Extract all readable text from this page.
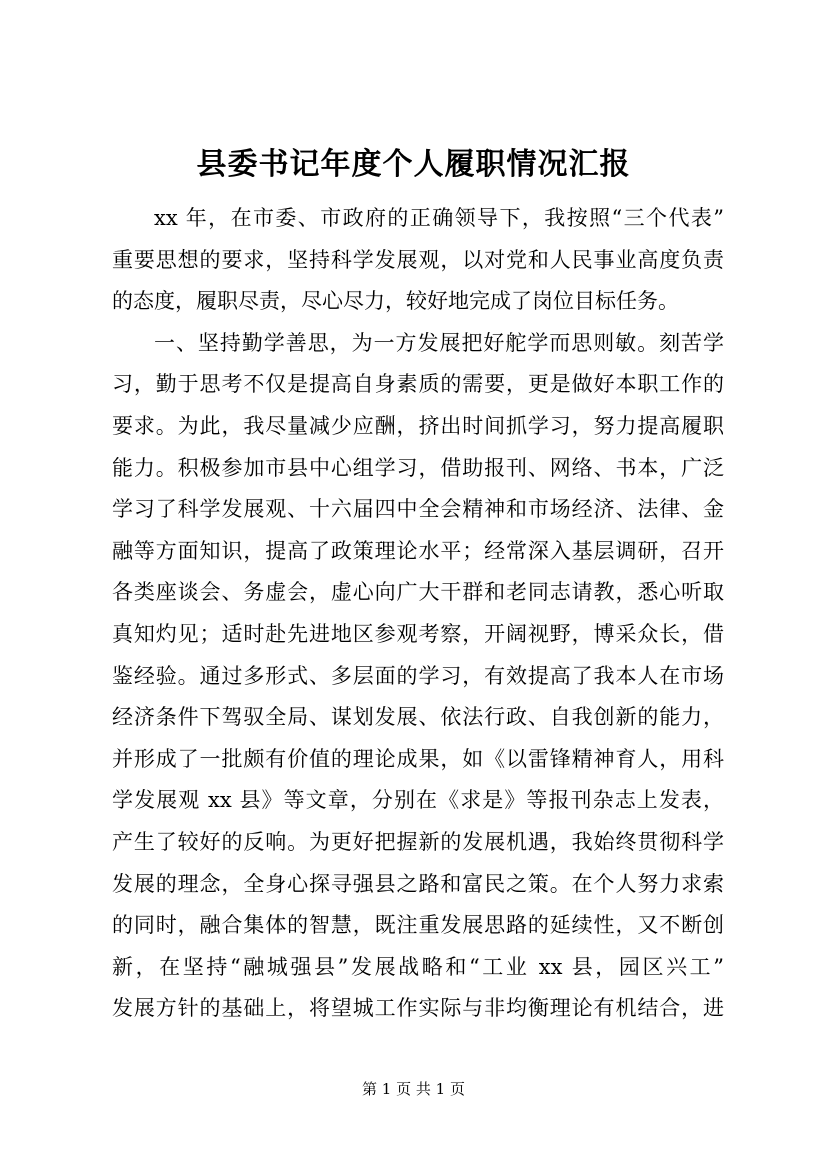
县委书记年度个人履职情况汇报
xx 年，在市委、市政府的正确领导下，我按照“三个代表”
重要思想的要求，坚持科学发展观，以对党和人民事业高度负责
的态度，履职尽责，尽心尽力，较好地完成了岗位目标任务。
一、坚持勤学善思，为一方发展把好舵学而思则敏。刻苦学
习，勤于思考不仅是提高自身素质的需要，更是做好本职工作的
要求。为此，我尽量减少应酬，挤出时间抓学习，努力提高履职
能力。积极参加市县中心组学习，借助报刊、网络、书本，广泛
学习了科学发展观、十六届四中全会精神和市场经济、法律、金
融等方面知识，提高了政策理论水平；经常深入基层调研，召开
各类座谈会、务虚会，虚心向广大干群和老同志请教，悉心听取
真知灼见；适时赴先进地区参观考察，开阔视野，博采众长，借
鉴经验。通过多形式、多层面的学习，有效提高了我本人在市场
经济条件下驾驭全局、谋划发展、依法行政、自我创新的能力，
并形成了一批颇有价值的理论成果，如《以雷锋精神育人，用科
学发展观 xx 县》等文章，分别在《求是》等报刊杂志上发表，
产生了较好的反响。为更好把握新的发展机遇，我始终贯彻科学
发展的理念，全身心探寻强县之路和富民之策。在个人努力求索
的同时，融合集体的智慧，既注重发展思路的延续性，又不断创
新，在坚持“融城强县”发展战略和“工业 xx 县，园区兴工”
发展方针的基础上，将望城工作实际与非均衡理论有机结合，进
第 1 页 共 1 页
